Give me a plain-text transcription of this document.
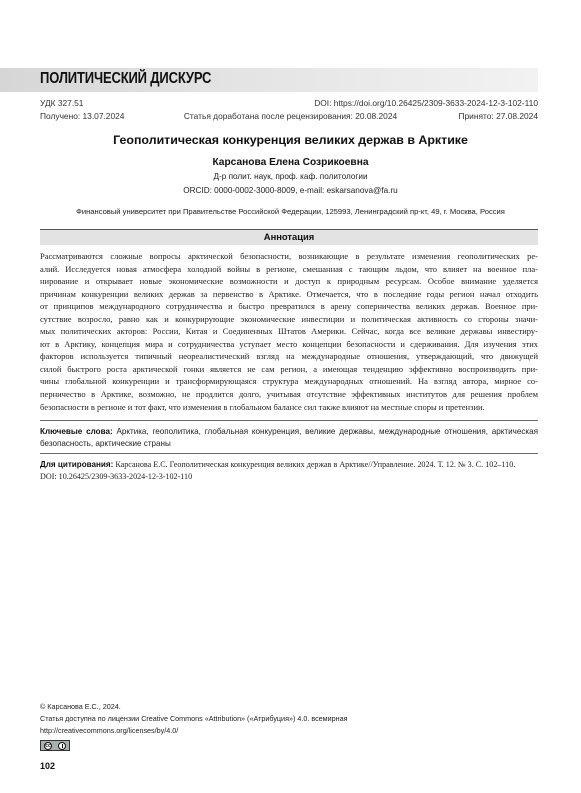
ПОЛИТИЧЕСКИЙ ДИСКУРС
УДК 327.51	DOI: https://doi.org/10.26425/2309-3633-2024-12-3-102-110
Получено: 13.07.2024	Статья доработана после рецензирования: 20.08.2024	Принято: 27.08.2024
Геополитическая конкуренция великих держав в Арктике
Карсанова Елена Созрикоевна
Д-р полит. наук, проф. каф. политологии
ORCID: 0000-0002-3000-8009, e-mail: eskarsanova@fa.ru
Финансовый университет при Правительстве Российской Федерации, 125993, Ленинградский пр-кт, 49, г. Москва, Россия
Аннотация
Рассматриваются сложные вопросы арктической безопасности, возникающие в результате изменения геополитических ре-
алий. Исследуется новая атмосфера холодной войны в регионе, смешанная с тающим льдом, что влияет на военное пла-
нирование и открывает новые экономические возможности и доступ к природным ресурсам. Особое внимание уделяется
причинам конкуренции великих держав за первенство в Арктике. Отмечается, что в последние годы регион начал отходить
от принципов международного сотрудничества и быстро превратился в арену соперничества великих держав. Военное при-
сутствие возросло, равно как и конкурирующие экономические инвестиции и политическая активность со стороны значи-
мых политических акторов: России, Китая и Соединенных Штатов Америки. Сейчас, когда все великие державы инвестиру-
ют в Арктику, концепция мира и сотрудничества уступает место концепции безопасности и сдерживания. Для изучения этих
факторов используется типичный неореалистический взгляд на международные отношения, утверждающий, что движущей
силой быстрого роста арктической гонки является не сам регион, а имеющая тенденцию эффективно воспроизводить при-
чины глобальной конкуренции и трансформирующаяся структура международных отношений. На взгляд автора, мирное со-
перничество в Арктике, возможно, не продлится долго, учитывая отсутствие эффективных институтов для решения проблем
безопасности в регионе и тот факт, что изменения в глобальном балансе сил также влияют на местные споры и претензии.
Ключевые слова: Арктика, геополитика, глобальная конкуренция, великие державы, международные отношения, арктическая
безопасность, арктические страны
Для цитирования: Карсанова Е.С. Геополитическая конкуренция великих держав в Арктике//Управление. 2024. Т. 12. № 3. С. 102–110.
DOI: 10.26425/2309-3633-2024-12-3-102-110
© Карсанова Е.С., 2024.
Статья доступна по лицензии Creative Commons «Attribution» («Атрибуция») 4.0. всемирная
http://creativecommons.org/licenses/by/4.0/
cc
102
